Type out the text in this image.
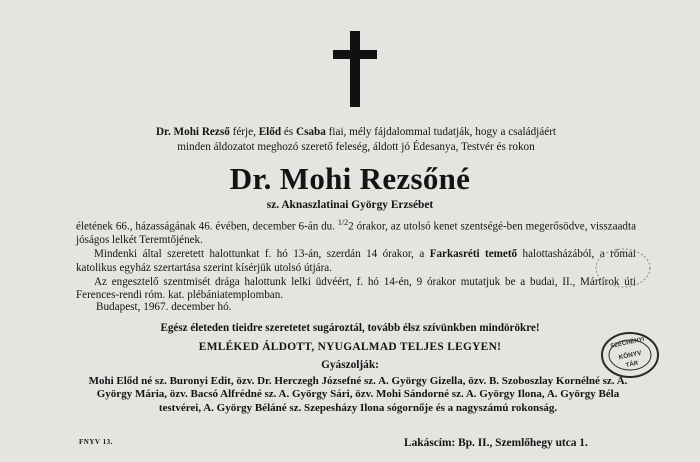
Dr. Mohi Rezső férje, Előd és Csaba fiai, mély fájdalommal tudatják, hogy a családjáért
minden áldozatot meghozó szerető feleség, áldott jó Édesanya, Testvér és rokon
Dr. Mohi Rezsőné
sz. Aknaszlatinai György Erzsébet

életének 66., házasságának 46. évében, december 6-án du. $^{1/2}$2 órakor, az utolsó kenet szentségé-ben megerősödve, visszaadta jóságos lelkét Teremtőjének.

Mindenki által szeretett halottunkat f. hó 13-án, szerdán 14 órakor, a Farkasréti temető halottasházából, a római katolikus egyház szertartása szerint kísérjük utolsó útjára.

Az engesztelő szentmisét drága halottunk lelki üdvéért, f. hó 14-én, 9 órakor mutatjuk be a budai, II., Mártírok úti Ferences-rendi róm. kat. plébániatemplomban.

Budapest, 1967. december hó.
Egész életeden tieidre szeretetet sugároztál, tovább élsz szívünkben mindörökre!
EMLÉKED ÁLDOTT, NYUGALMAD TELJES LEGYEN!
Gyászolják:
Mohi Előd né sz. Buronyi Edit, özv. Dr. Herczegh Józsefné sz. A. György Gizella, özv. B. Szoboszlay Kornélné sz. A. György Mária, özv. Bacsó Alfrédné sz. A. György Sári, özv. Mohi Sándorné sz. A. György Ilona, A. György Béla testvérei, A. György Béláné sz. Szepesházy Ilona sógornője és a nagyszámú rokonság.
FNYV 13.	Lakáscím: Bp. II., Szemlőhegy utca 1.
SZÉCHÉNYI
KÖNYV
TÁR
